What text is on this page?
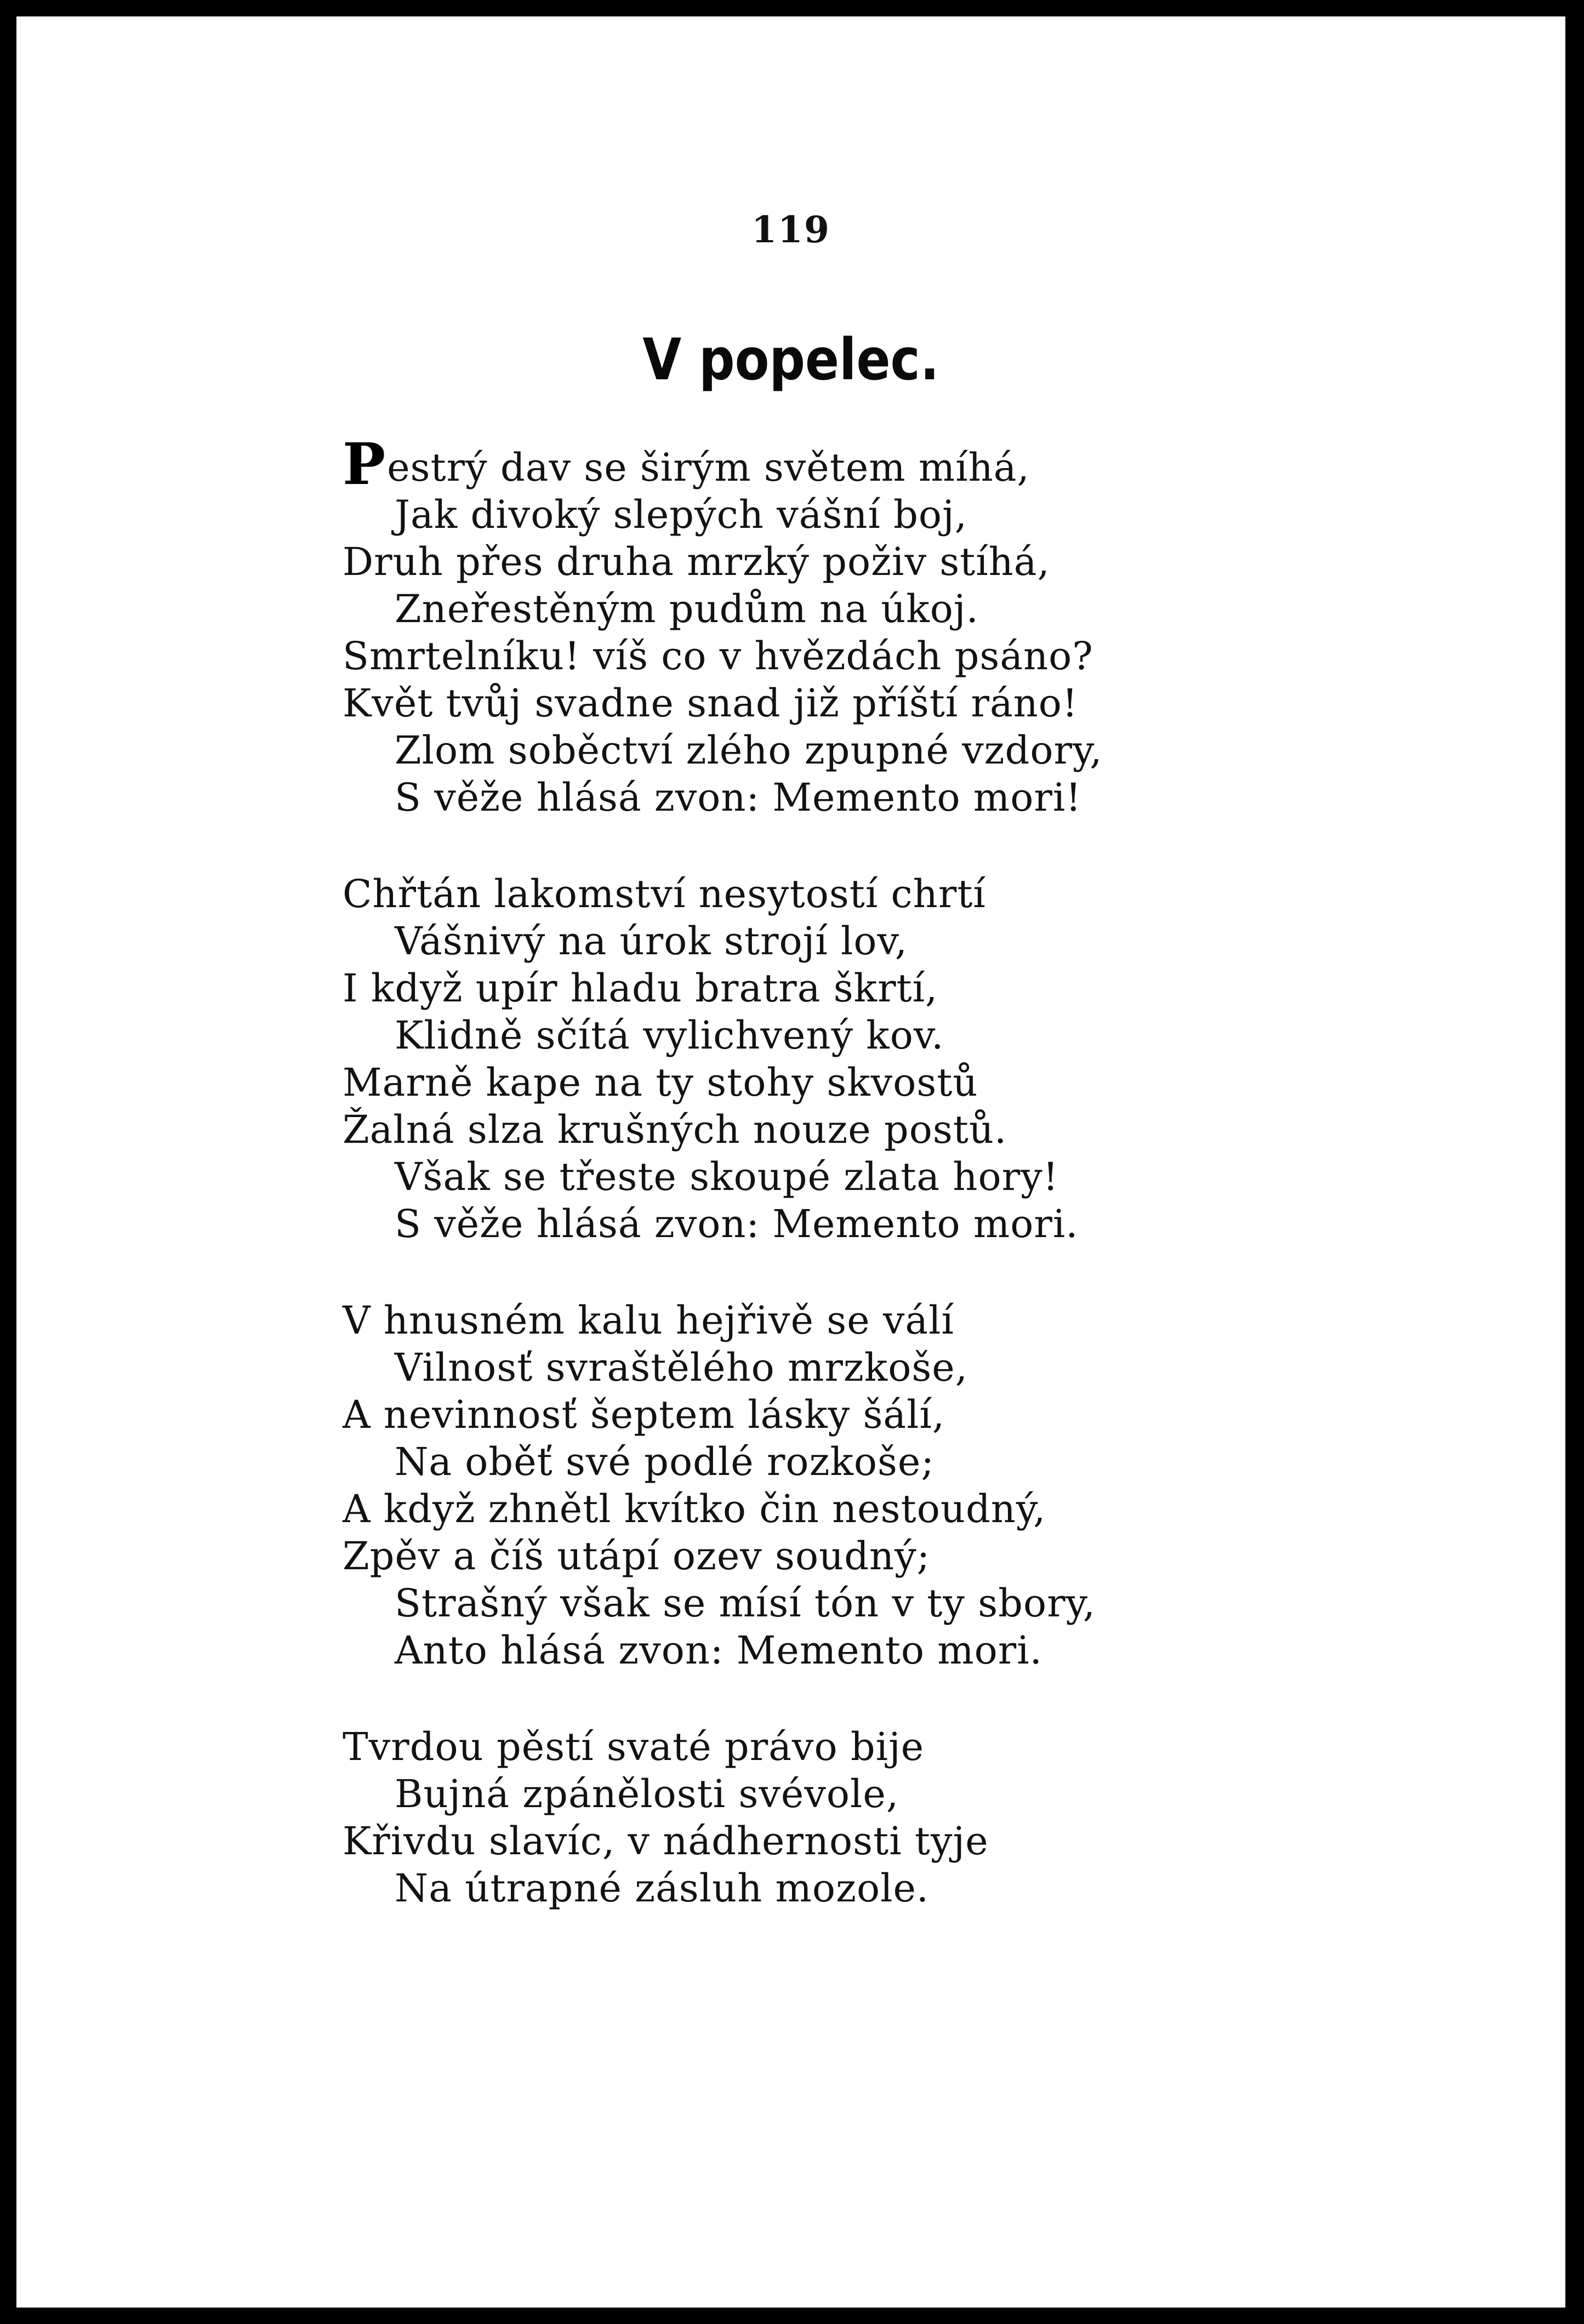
119
V popelec.
Pestrý dav se širým světem míhá,
Jak divoký slepých vášní boj,
Druh přes druha mrzký poživ stíhá,
Zneřestěným pudům na úkoj.
Smrtelníku! víš co v hvězdách psáno?
Květ tvůj svadne snad již příští ráno!
Zlom soběctví zlého zpupné vzdory,
S věže hlásá zvon: Memento mori!
Chřtán lakomství nesytostí chrtí
Vášnivý na úrok strojí lov,
I když upír hladu bratra škrtí,
Klidně sčítá vylichvený kov.
Marně kape na ty stohy skvostů
Žalná slza krušných nouze postů.
Však se třeste skoupé zlata hory!
S věže hlásá zvon: Memento mori.
V hnusném kalu hejřivě se válí
Vilnosť svraštělého mrzkoše,
A nevinnosť šeptem lásky šálí,
Na oběť své podlé rozkoše;
A když zhnětl kvítko čin nestoudný,
Zpěv a číš utápí ozev soudný;
Strašný však se mísí tón v ty sbory,
Anto hlásá zvon: Memento mori.
Tvrdou pěstí svaté právo bije
Bujná zpánělosti svévole,
Křivdu slavíc, v nádhernosti tyje
Na útrapné zásluh mozole.
